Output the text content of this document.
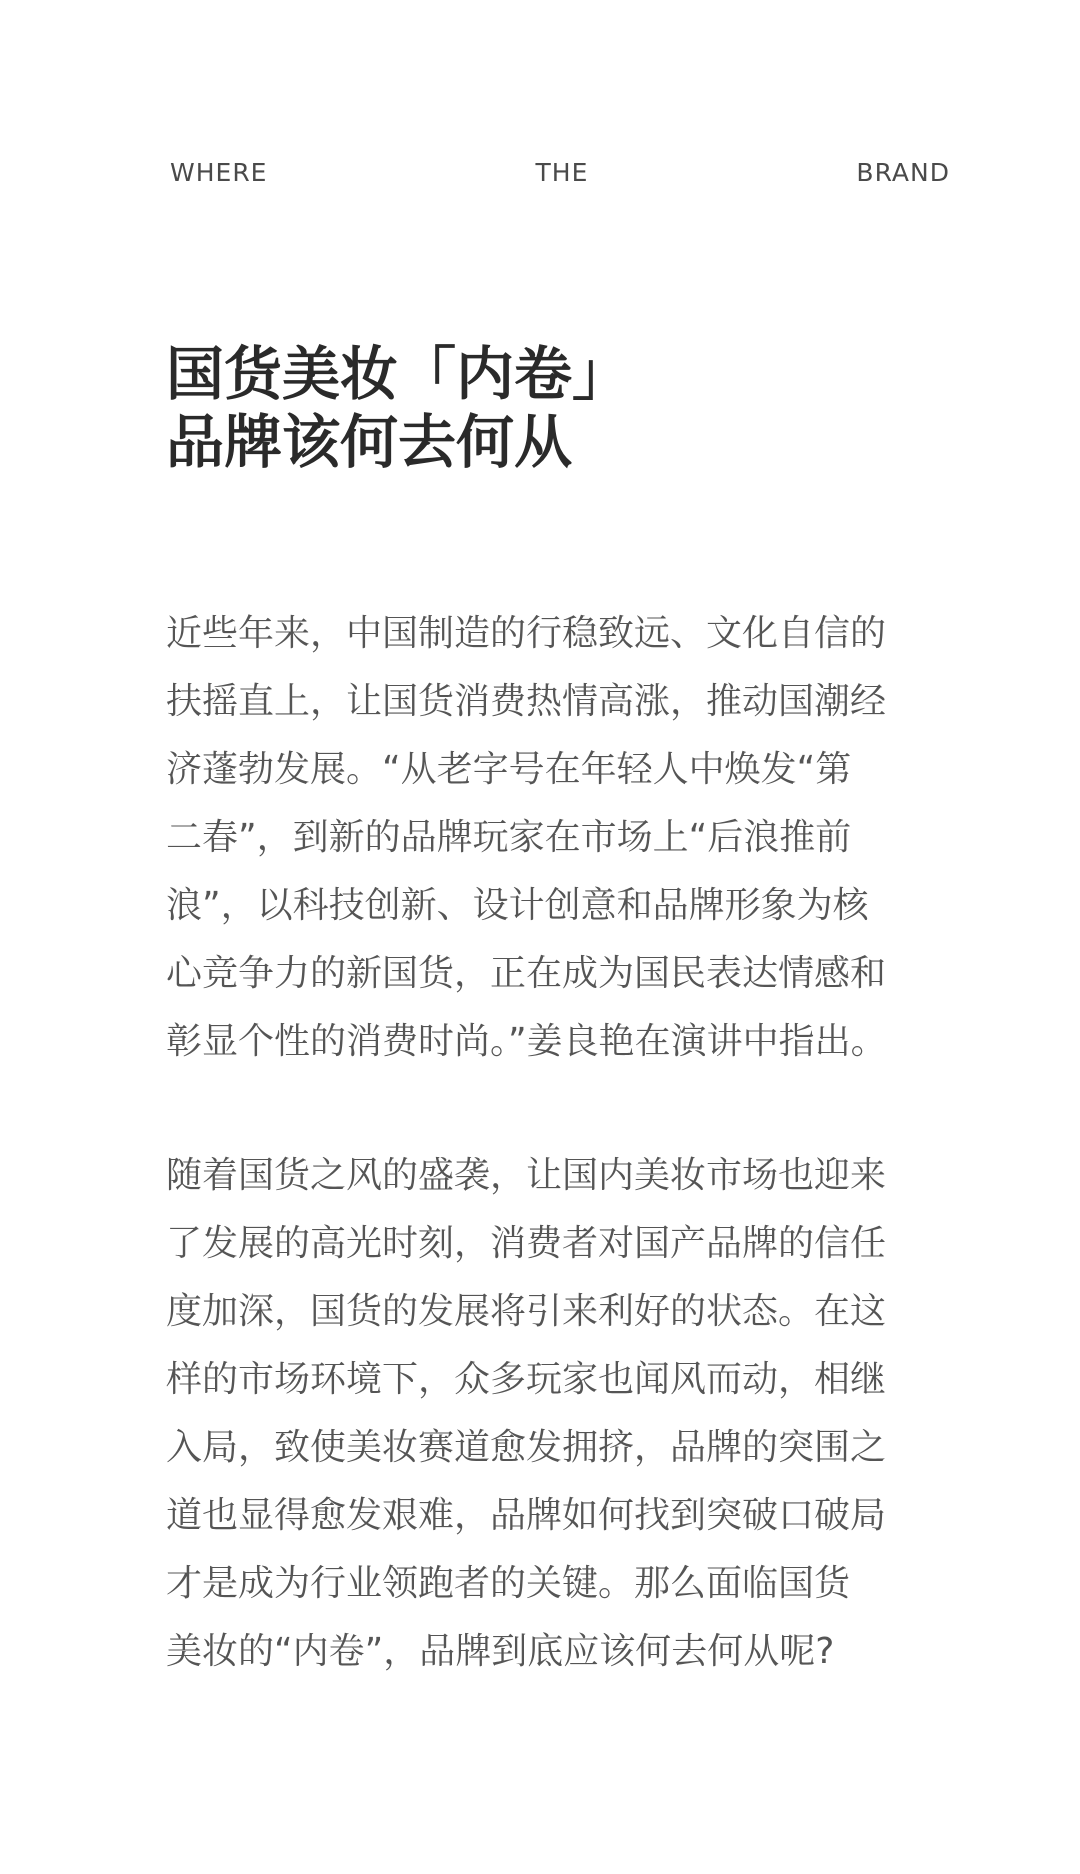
WHERE	THE	BRAND
国货美妆「内卷」
品牌该何去何从
近些年来，中国制造的行稳致远、文化自信的
扶摇直上，让国货消费热情高涨，推动国潮经
济蓬勃发展。“从老字号在年轻人中焕发“第
二春”，到新的品牌玩家在市场上“后浪推前
浪”，以科技创新、设计创意和品牌形象为核
心竞争力的新国货，正在成为国民表达情感和
彰显个性的消费时尚。”姜良艳在演讲中指出。
随着国货之风的盛袭，让国内美妆市场也迎来
了发展的高光时刻，消费者对国产品牌的信任
度加深，国货的发展将引来利好的状态。在这
样的市场环境下，众多玩家也闻风而动，相继
入局，致使美妆赛道愈发拥挤，品牌的突围之
道也显得愈发艰难，品牌如何找到突破口破局
才是成为行业领跑者的关键。那么面临国货
美妆的“内卷”，品牌到底应该何去何从呢?
